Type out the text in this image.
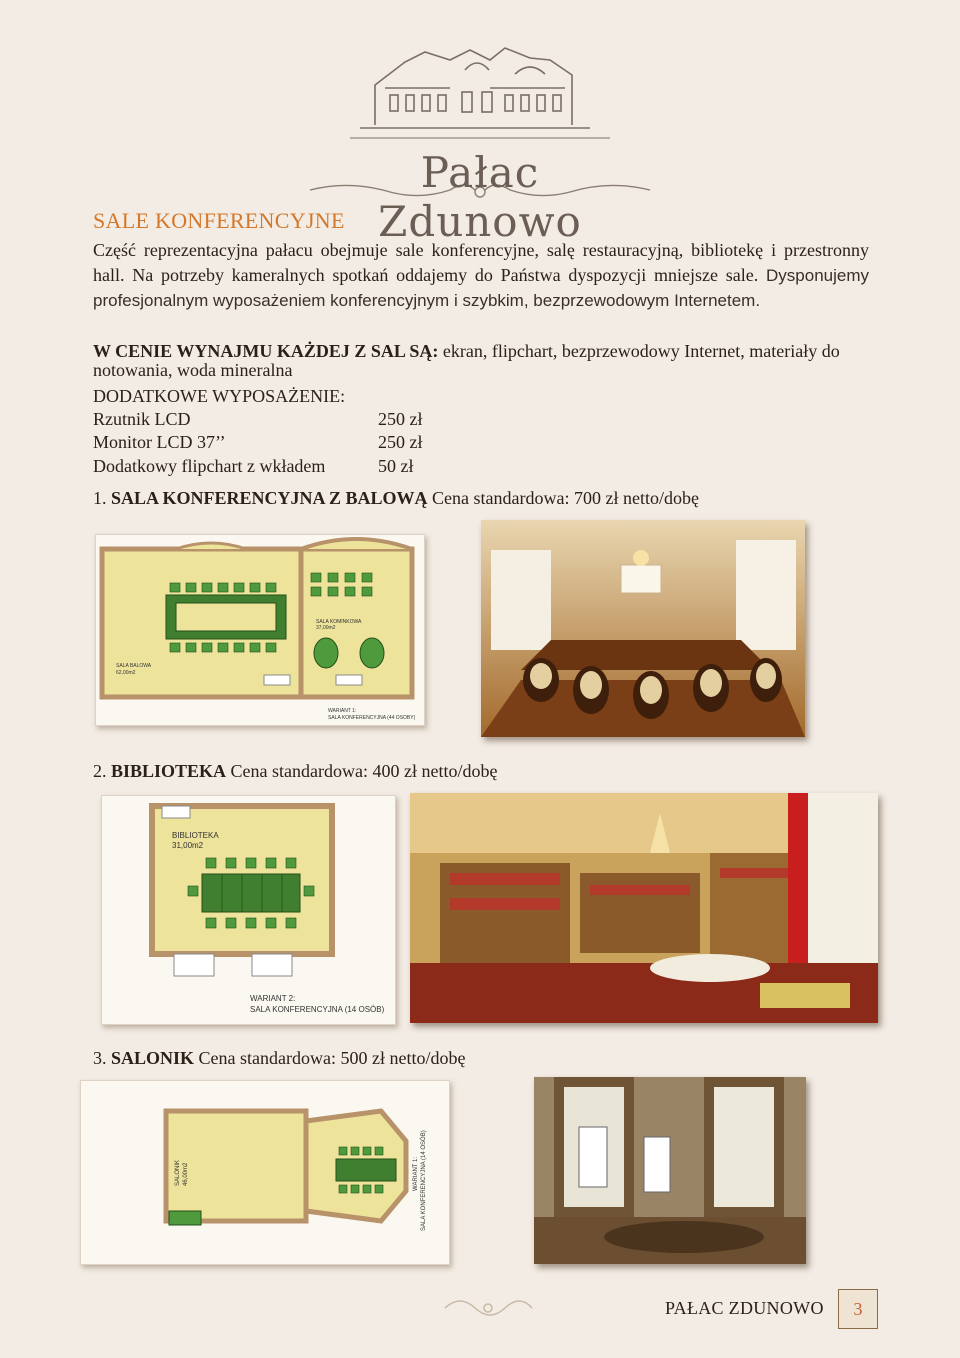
Pałac Zdunowo
SALE KONFERENCYJNE

Część reprezentacyjna pałacu obejmuje sale konferencyjne, salę restauracyjną, bibliotekę i przestronny hall. Na potrzeby kameralnych spotkań oddajemy do Państwa dyspozycji mniejsze sale. Dysponujemy profesjonalnym wyposażeniem konferencyjnym i szybkim, bezprzewodowym Internetem.

W CENIE WYNAJMU KAŻDEJ Z SAL SĄ: ekran, flipchart, bezprzewodowy Internet, materiały do notowania, woda mineralna

DODATKOWE WYPOSAŻENIE:
Rzutnik LCD	250 zł
Monitor LCD 37’’	250 zł
Dodatkowy flipchart z wkładem	50 zł
1. SALA KONFERENCYJNA Z BALOWĄ Cena standardowa: 700 zł netto/dobę
SALA BALOWA
62,00m2
SALA KOMINKOWA
37,00m2
WARIANT 1:
SALA KONFERENCYJNA (44 OSOBY)
2. BIBLIOTEKA Cena standardowa: 400 zł netto/dobę
BIBLIOTEKA
31,00m2
WARIANT 2:
SALA KONFERENCYJNA (14 OSÓB)
3. SALONIK Cena standardowa: 500 zł netto/dobę
SALONIK 46,00m2	WARIANT 1: SALA KONFERENCYJNA (14 OSÓB)
PAŁAC ZDUNOWO	3
